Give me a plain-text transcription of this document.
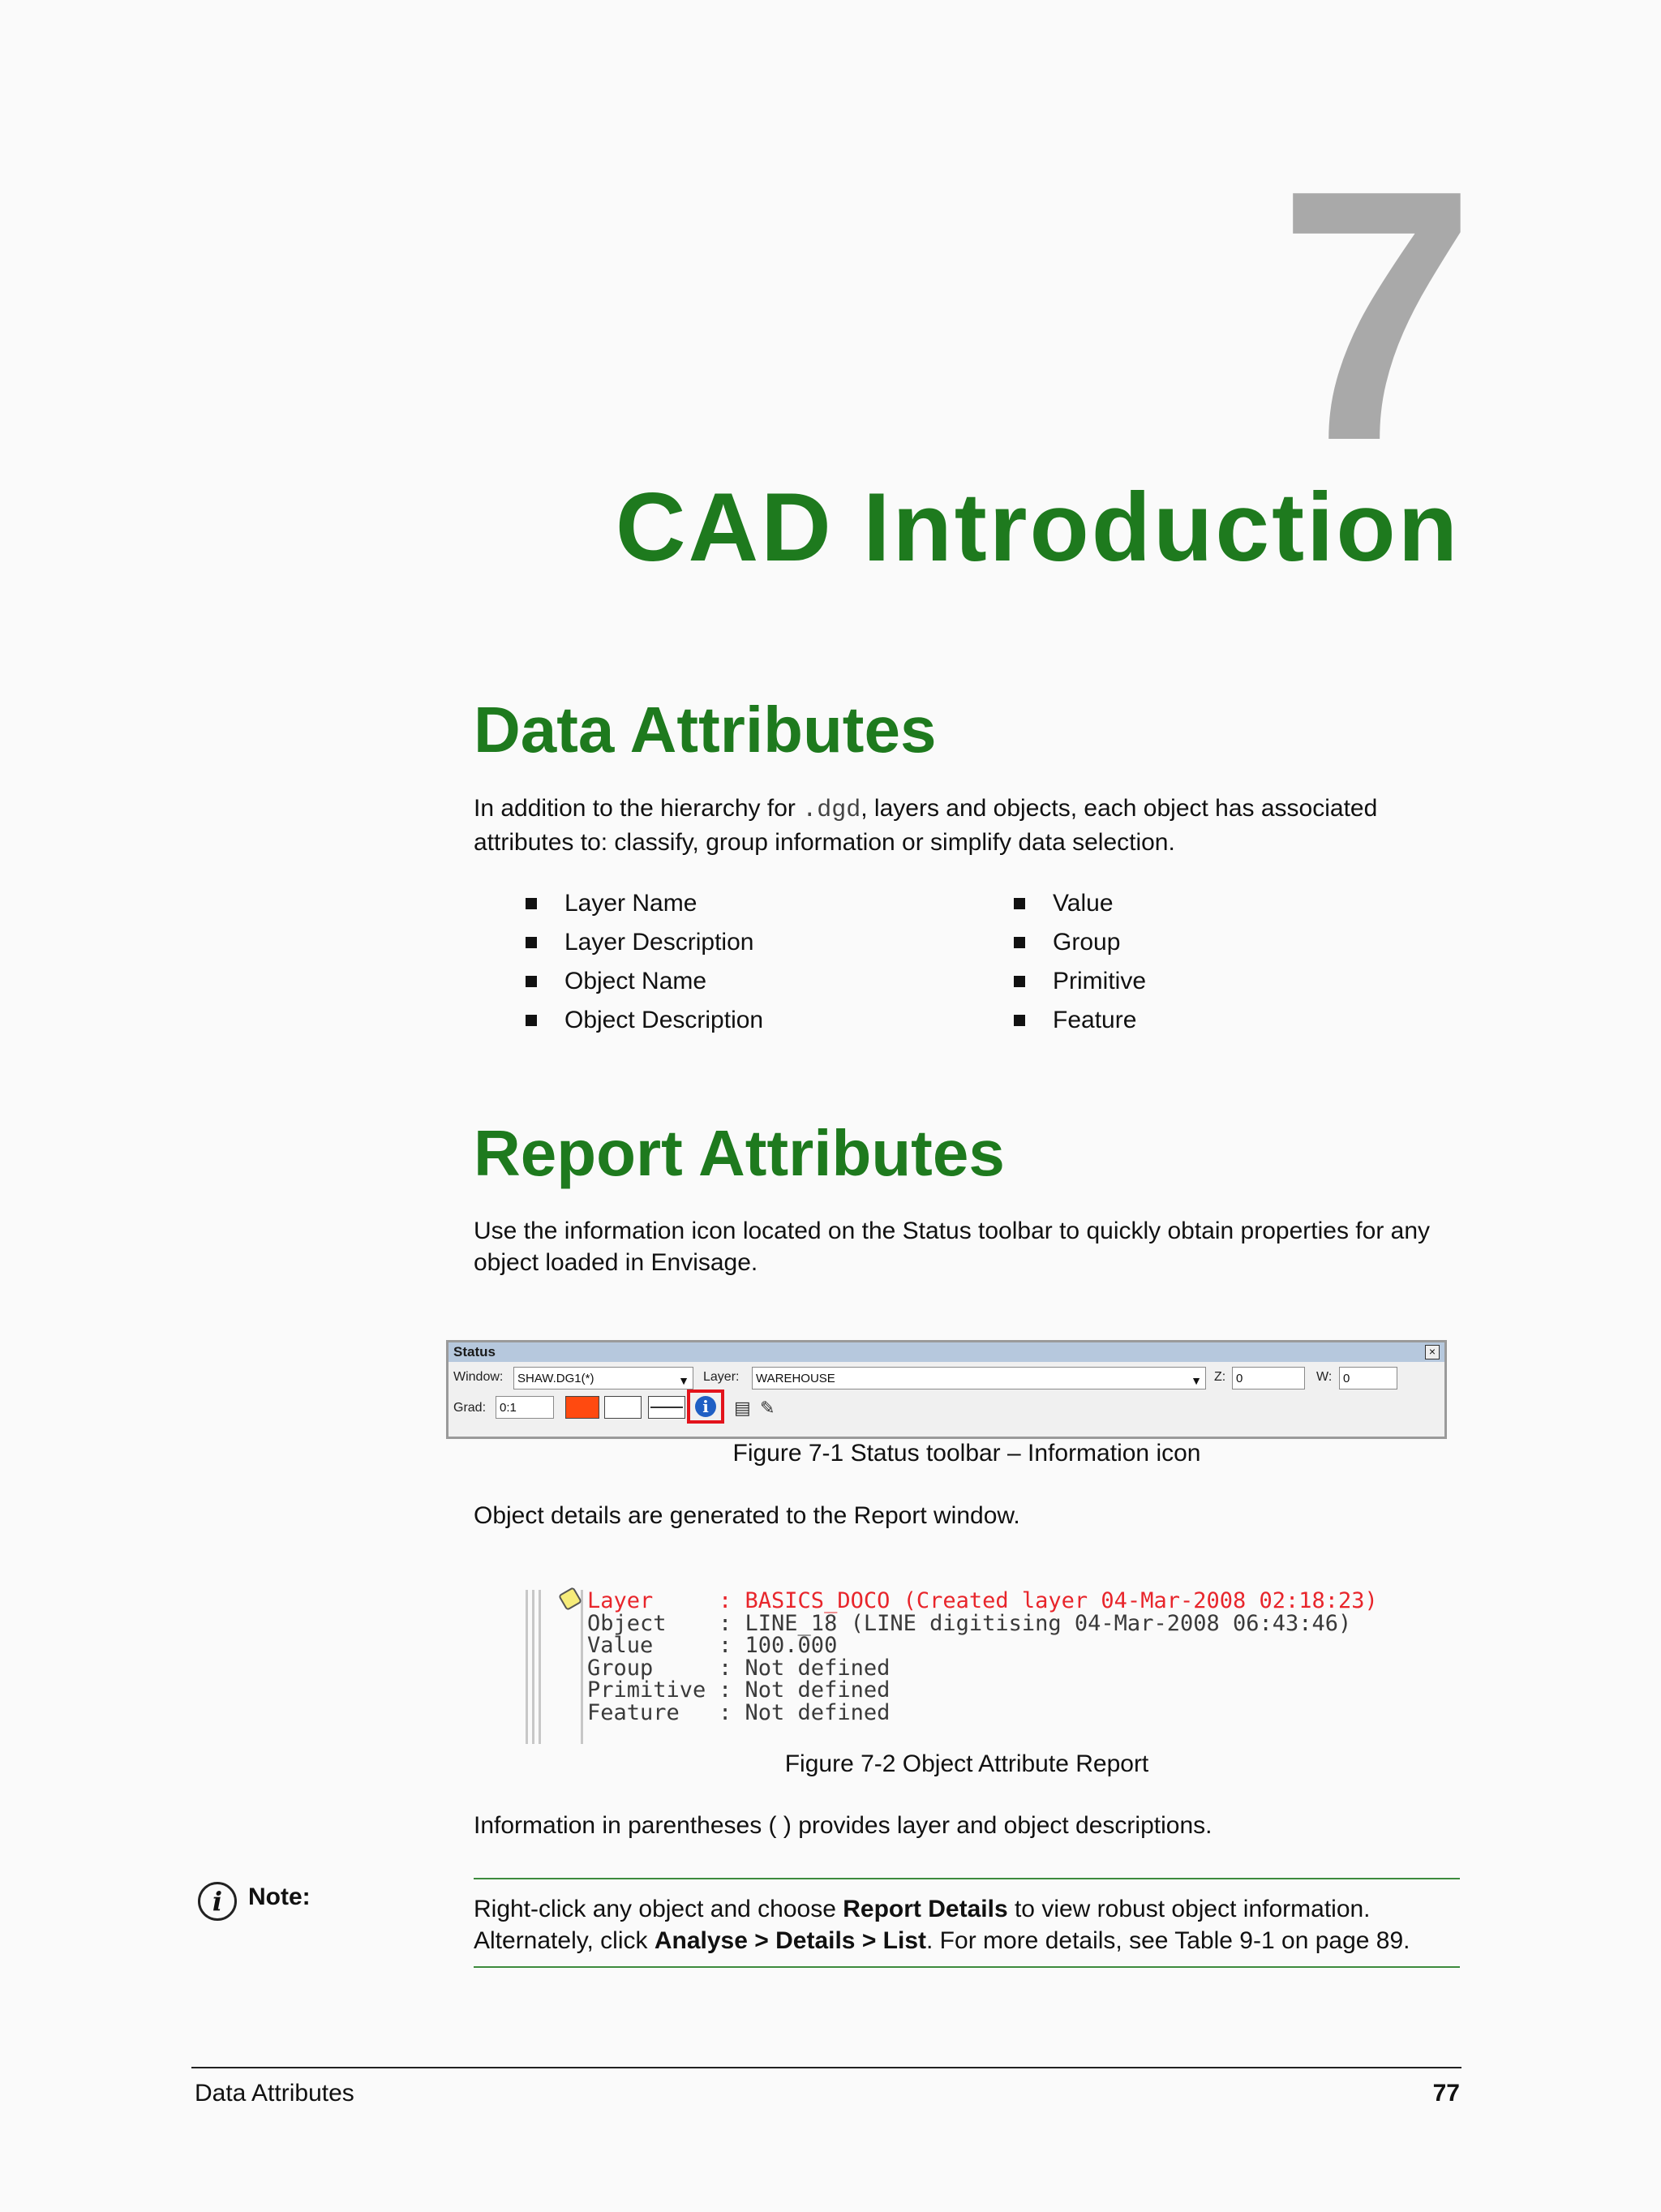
7
CAD Introduction
Data Attributes
In addition to the hierarchy for .dgd, layers and objects, each object has associated attributes to: classify, group information or simplify data selection.
Layer Name
Layer Description
Object Name
Object Description
Value
Group
Primitive
Feature
Report Attributes
Use the information icon located on the Status toolbar to quickly obtain properties for any object loaded in Envisage.
Status	×
Window:	SHAW.DG1(*)	▼ Layer:	WAREHOUSE	▼ Z: 0	W: 0
Grad:	0:1	i	▤ ✎
Figure 7-1 Status toolbar – Information icon
Object details are generated to the Report window.
Layer	:
BASICS_DOCO (Created layer 04-Mar-2008 02:18:23)
Object	:
LINE_18 (LINE digitising 04-Mar-2008 06:43:46)
Value	:
100.000
Group	:
Not defined
Primitive :
Not defined
Feature	:
Not defined
Figure 7-2 Object Attribute Report
Information in parentheses ( ) provides layer and object descriptions.
i	Note:	Right-click any object and choose Report Details to view robust object information.
Alternately, click Analyse > Details > List. For more details, see Table 9-1 on page 89.
Data Attributes	77
